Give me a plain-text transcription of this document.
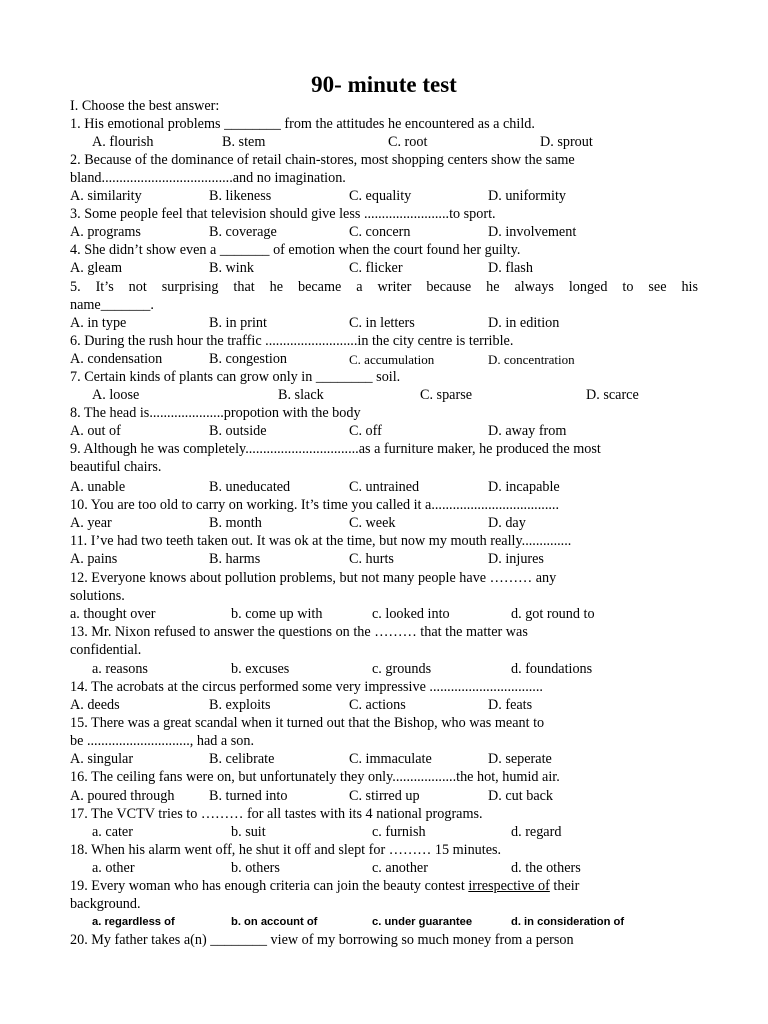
90- minute test
I. Choose the best answer:
1. His emotional problems ________ from the attitudes he encountered as a child.
A. flourish	B. stem	C. root	D. sprout
2. Because of the dominance of retail chain-stores, most shopping centers show the same
bland.....................................and no imagination.
A. similarity	B. likeness	C. equality	D. uniformity
3. Some people feel that television should give less ........................to sport.
A. programs	B. coverage	C. concern	D. involvement
4. She didn’t show even a _______ of emotion when the court found her guilty.
A. gleam	B. wink	C. flicker	D. flash
5. It’s not surprising that he became a writer because he always longed to see his
name_______.
A. in type	B. in print	C. in letters	D. in edition
6. During the rush hour the traffic ..........................in the city centre is terrible.
A. condensation	B. congestion	C. accumulation	D. concentration
7. Certain kinds of plants can grow only in ________ soil.
A. loose	B. slack	C. sparse	D. scarce
8. The head is.....................propotion with the body
A. out of	B. outside	C. off	D. away from
9. Although he was completely................................as a furniture maker, he produced the most
beautiful chairs.
A. unable	B. uneducated	C. untrained	D. incapable
10. You are too old to carry on working. It’s time you called it a....................................
A. year	B. month	C. week	D. day
11. I’ve had two teeth taken out. It was ok at the time, but now my mouth really..............
A. pains	B. harms	C. hurts	D. injures
12. Everyone knows about pollution problems, but not many people have ……… any
solutions.
a. thought over	b. come up with	c. looked into	d. got round to
13. Mr. Nixon refused to answer the questions on the ……… that the matter was
confidential.
a. reasons	b. excuses	c. grounds	d. foundations
14. The acrobats at the circus performed some very impressive ................................
A. deeds	B. exploits	C. actions	D. feats
15. There was a great scandal when it turned out that the Bishop, who was meant to
be ............................., had a son.
A. singular	B. celibrate	C. immaculate	D. seperate
16. The ceiling fans were on, but unfortunately they only..................the hot, humid air.
A. poured through B. turned into	C. stirred up	D. cut back
17. The VCTV tries to ……… for all tastes with its 4 national programs.
a. cater	b. suit	c. furnish	d. regard
18. When his alarm went off, he shut it off and slept for ……… 15 minutes.
a. other	b. others	c. another	d. the others
19. Every woman who has enough criteria can join the beauty contest irrespective of their
background.
a. regardless of	b. on account of	c. under guarantee	d. in consideration of
20. My father takes a(n) ________ view of my borrowing so much money from a person
